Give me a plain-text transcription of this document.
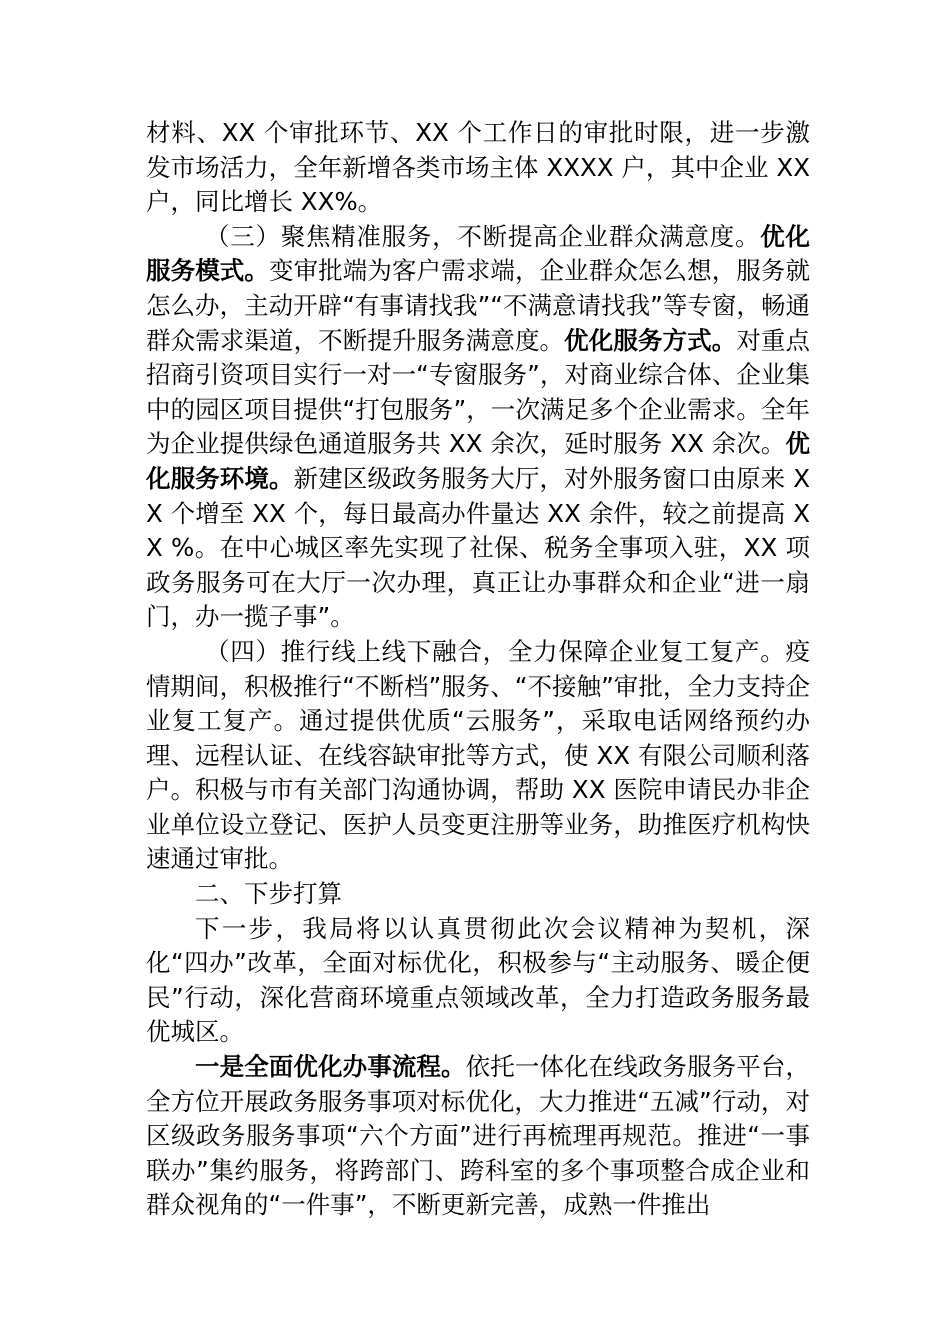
材料、XX 个审批环节、XX 个工作日的审批时限，进一步激发市场活力，全年新增各类市场主体 XXXX 户，其中企业 XX 户，同比增长 XX%。

（三）聚焦精准服务，不断提高企业群众满意度。优化服务模式。变审批端为客户需求端，企业群众怎么想，服务就怎么办，主动开辟“有事请找我”“不满意请找我”等专窗，畅通群众需求渠道，不断提升服务满意度。优化服务方式。对重点招商引资项目实行一对一“专窗服务”，对商业综合体、企业集中的园区项目提供“打包服务”，一次满足多个企业需求。全年为企业提供绿色通道服务共 XX 余次，延时服务 XX 余次。优化服务环境。新建区级政务服务大厅，对外服务窗口由原来 XX 个增至 XX 个，每日最高办件量达 XX 余件，较之前提高 XX %。在中心城区率先实现了社保、税务全事项入驻，XX 项政务服务可在大厅一次办理，真正让办事群众和企业“进一扇门，办一揽子事”。

（四）推行线上线下融合，全力保障企业复工复产。疫情期间，积极推行“不断档”服务、“不接触”审批，全力支持企业复工复产。通过提供优质“云服务”，采取电话网络预约办理、远程认证、在线容缺审批等方式，使 XX 有限公司顺利落户。积极与市有关部门沟通协调，帮助 XX 医院申请民办非企业单位设立登记、医护人员变更注册等业务，助推医疗机构快速通过审批。

二、下步打算

下一步，我局将以认真贯彻此次会议精神为契机，深化“四办”改革，全面对标优化，积极参与“主动服务、暖企便民”行动，深化营商环境重点领域改革，全力打造政务服务最优城区。

一是全面优化办事流程。依托一体化在线政务服务平台，全方位开展政务服务事项对标优化，大力推进“五减”行动，对区级政务服务事项“六个方面”进行再梳理再规范。推进“一事联办”集约服务，将跨部门、跨科室的多个事项整合成企业和群众视角的“一件事”，不断更新完善，成熟一件推出
